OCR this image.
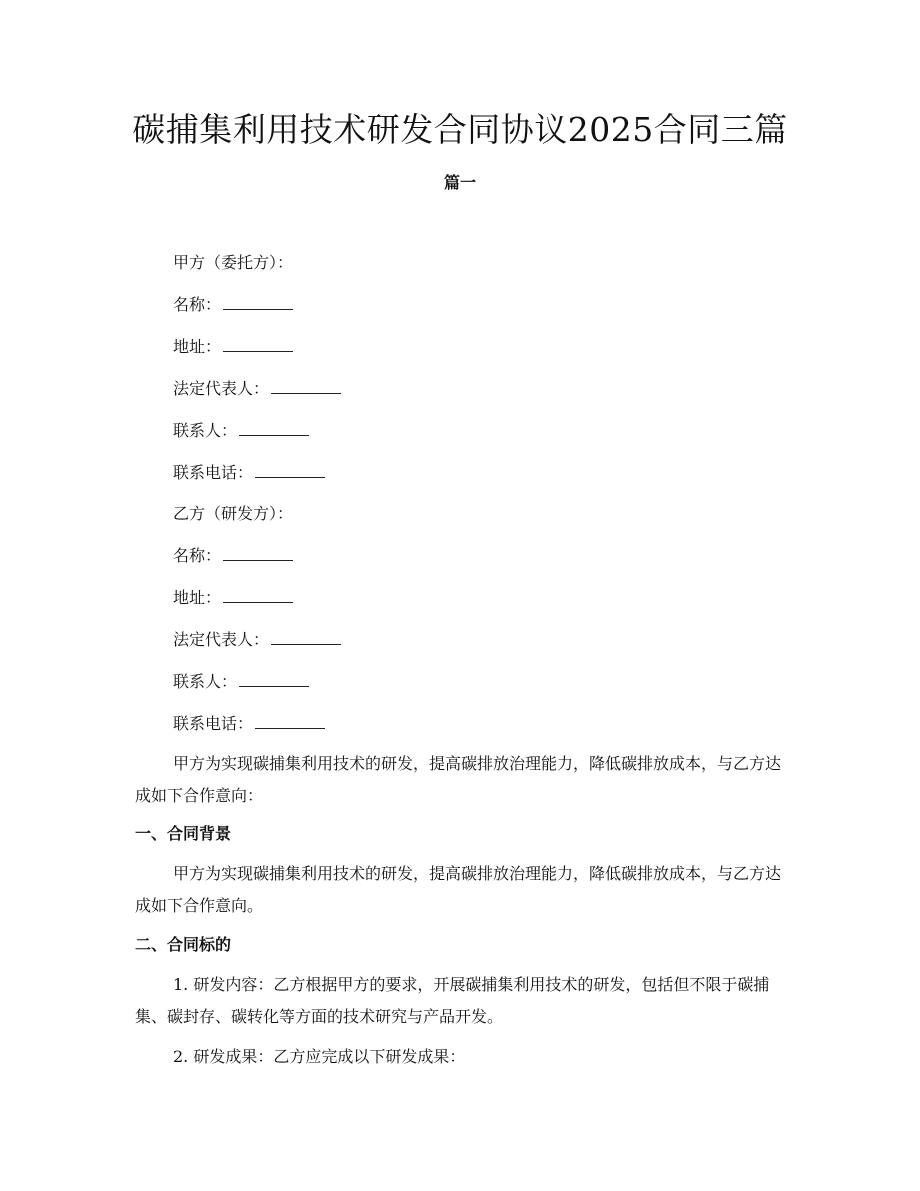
碳捕集利用技术研发合同协议2025合同三篇
篇一
甲方（委托方）：
名称：
地址：
法定代表人：
联系人：
联系电话：
乙方（研发方）：
名称：
地址：
法定代表人：
联系人：
联系电话：

甲方为实现碳捕集利用技术的研发，提高碳排放治理能力，降低碳排放成本，与乙方达成如下合作意向：

一、合同背景

甲方为实现碳捕集利用技术的研发，提高碳排放治理能力，降低碳排放成本，与乙方达成如下合作意向。

二、合同标的

1. 研发内容：乙方根据甲方的要求，开展碳捕集利用技术的研发，包括但不限于碳捕集、碳封存、碳转化等方面的技术研究与产品开发。

2. 研发成果：乙方应完成以下研发成果：
